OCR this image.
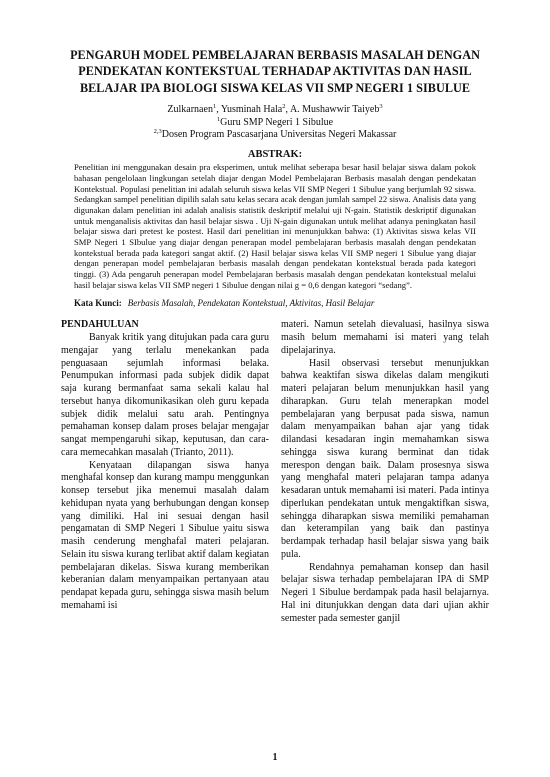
PENGARUH MODEL PEMBELAJARAN BERBASIS MASALAH DENGAN PENDEKATAN KONTEKSTUAL TERHADAP AKTIVITAS DAN HASIL BELAJAR IPA BIOLOGI SISWA KELAS VII SMP NEGERI 1 SIBULUE
Zulkarnaen$^1$, Yusminah Hala$^2$, A. Mushawwir Taiyeb$^3$
$^1$Guru SMP Negeri 1 Sibulue
$^{2,3}$Dosen Program Pascasarjana Universitas Negeri Makassar
ABSTRAK:

Penelitian ini menggunakan desain pra eksperimen, untuk melihat seberapa besar hasil belajar siswa dalam pokok bahasan pengelolaan lingkungan setelah diajar dengan Model Pembelajaran Berbasis masalah dengan pendekatan Kontekstual. Populasi penelitian ini adalah seluruh siswa kelas VII SMP Negeri 1 Sibulue yang berjumlah 92 siswa. Sedangkan sampel penelitian dipilih salah satu kelas secara acak dengan jumlah sampel 22 siswa. Analisis data yang digunakan dalam penelitian ini adalah analisis statistik deskriptif melalui uji N-gain. Statistik deskriptif digunakan untuk menganalisis aktivitas dan hasil belajar siswa . Uji N-gain digunakan untuk melihat adanya peningkatan hasil belajar siswa dari pretest ke postest. Hasil dari penelitian ini menunjukkan bahwa: (1) Aktivitas siswa kelas VII SMP Negeri 1 SIbulue yang diajar dengan penerapan model pembelajaran berbasis masalah dengan pendekatan kontekstual berada pada kategori sangat aktif. (2) Hasil belajar siswa kelas VII SMP negeri 1 Sibulue yang diajar dengan penerapan model pembelajaran berbasis masalah dengan pendekatan kontekstual berada pada kategori tinggi. (3) Ada pengaruh penerapan model Pembelajaran berbasis masalah dengan pendekatan kontekstual melalui hasil belajar siswa kelas VII SMP negeri 1 Sibulue dengan nilai g = 0,6 dengan kategori “sedang”.

Kata Kunci: Berbasis Masalah, Pendekatan Kontekstual, Aktivitas, Hasil Belajar
PENDAHULUAN

Banyak kritik yang ditujukan pada cara guru mengajar yang terlalu menekankan pada penguasaan sejumlah informasi belaka. Penumpukan informasi pada subjek didik dapat saja kurang bermanfaat sama sekali kalau hal tersebut hanya dikomunikasikan oleh guru kepada subjek didik melalui satu arah. Pentingnya pemahaman konsep dalam proses belajar mengajar sangat mempengaruhi sikap, keputusan, dan cara-cara memecahkan masalah (Trianto, 2011).

Kenyataan dilapangan siswa hanya menghafal konsep dan kurang mampu menggunkan konsep tersebut jika menemui masalah dalam kehidupan nyata yang berhubungan dengan konsep yang dimiliki. Hal ini sesuai dengan hasil pengamatan di SMP Negeri 1 Sibulue yaitu siswa masih cenderung menghafal materi pelajaran. Selain itu siswa kurang terlibat aktif dalam kegiatan pembelajaran dikelas. Siswa kurang memberikan keberanian dalam menyampaikan pertanyaan atau pendapat kepada guru, sehingga siswa masih belum memahami isi

materi. Namun setelah dievaluasi, hasilnya siswa masih belum memahami isi materi yang telah dipelajarinya.

Hasil observasi tersebut menunjukkan bahwa keaktifan siswa dikelas dalam mengikuti materi pelajaran belum menunjukkan hasil yang diharapkan. Guru telah menerapkan model pembelajaran yang berpusat pada siswa, namun dalam menyampaikan bahan ajar yang tidak dilandasi kesadaran ingin memahamkan siswa sehingga siswa kurang berminat dan tidak merespon dengan baik. Dalam prosesnya siswa yang menghafal materi pelajaran tampa adanya kesadaran untuk memahami isi materi. Pada intinya diperlukan pendekatan untuk mengaktifkan siswa, sehingga diharapkan siswa memiliki pemahaman dan keterampilan yang baik dan pastinya berdampak terhadap hasil belajar siswa yang baik pula.

Rendahnya pemahaman konsep dan hasil belajar siswa terhadap pembelajaran IPA di SMP Negeri 1 Sibulue berdampak pada hasil belajarnya. Hal ini ditunjukkan dengan data dari ujian akhir semester pada semester ganjil

1
